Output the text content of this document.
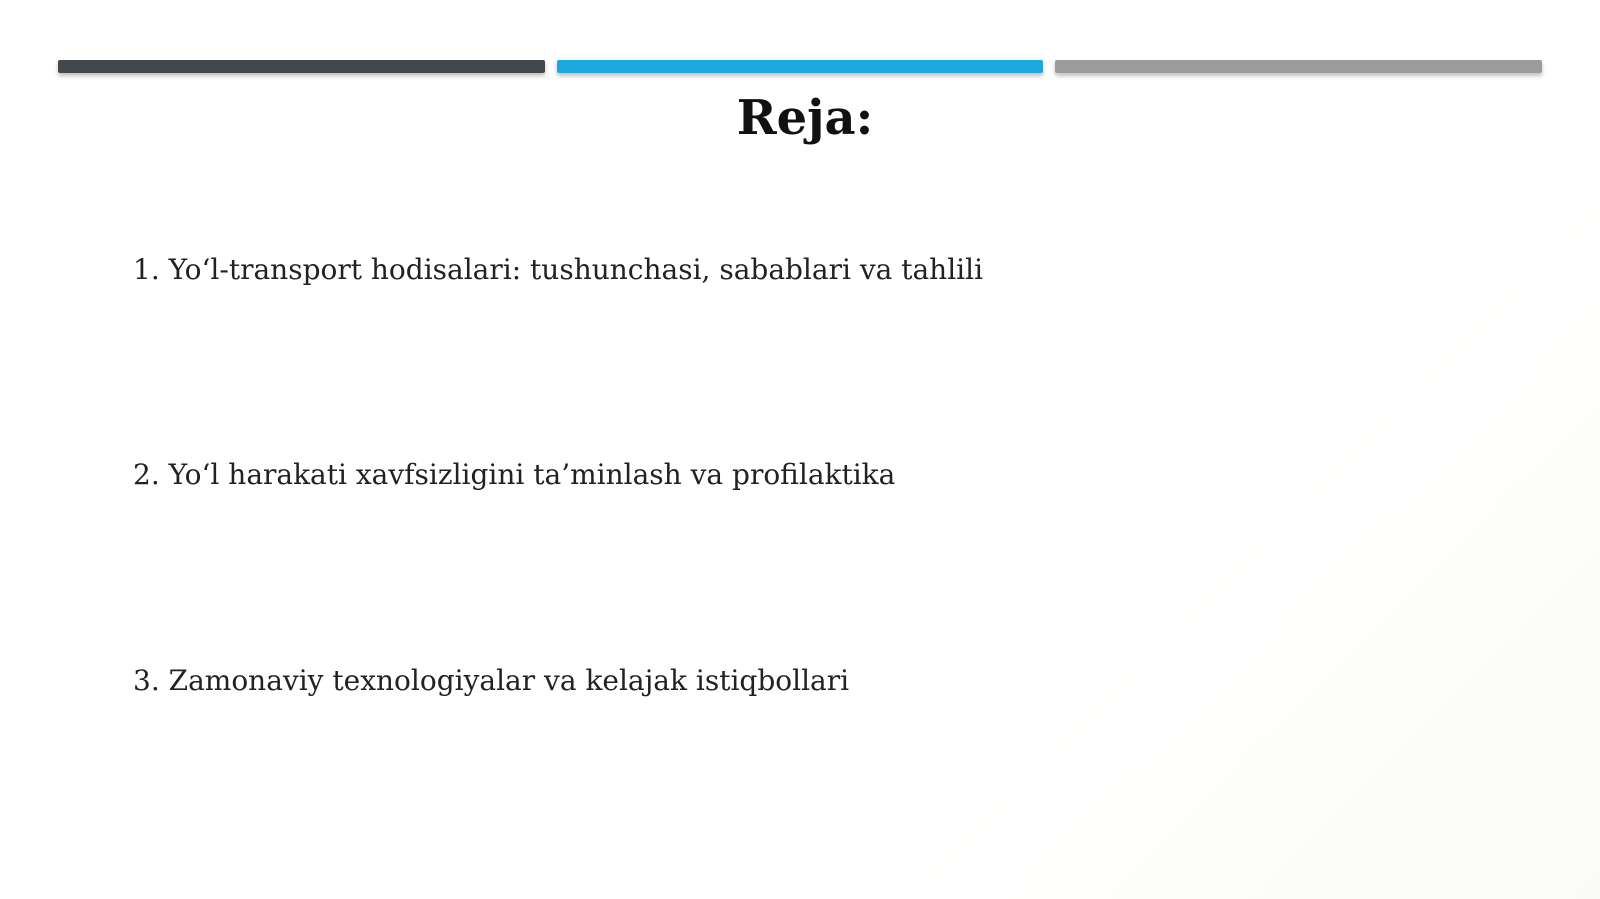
Reja:
1. Yo‘l-transport hodisalari: tushunchasi, sabablari va tahlili
2. Yo‘l harakati xavfsizligini ta’minlash va profilaktika
3. Zamonaviy texnologiyalar va kelajak istiqbollari
